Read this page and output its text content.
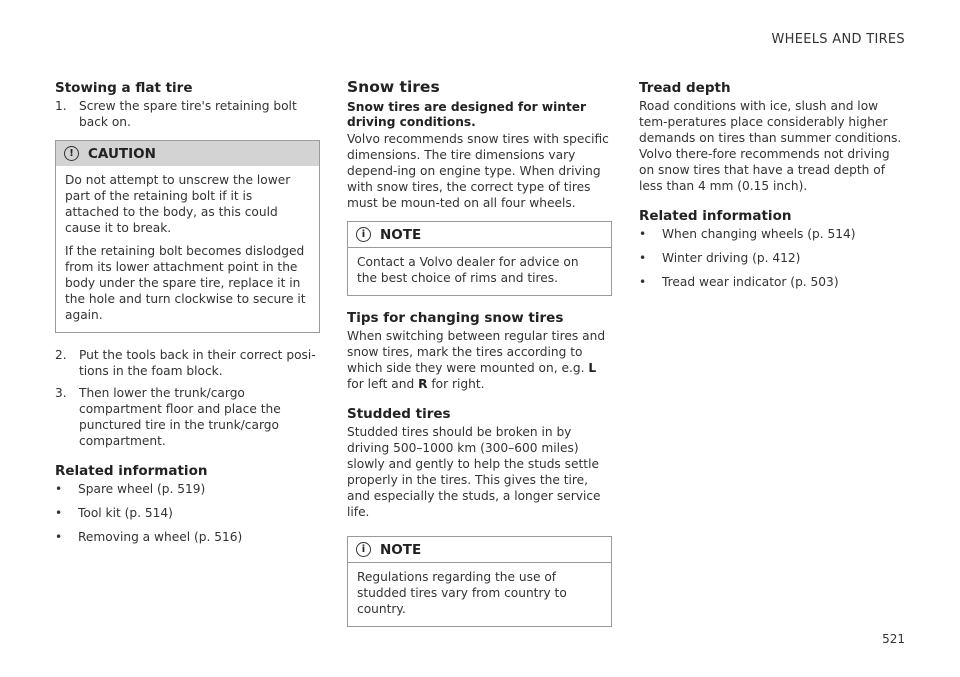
WHEELS AND TIRES
Stowing a flat tire
1.	Screw the spare tire's retaining bolt back on.
!	CAUTION

Do not attempt to unscrew the lower part of the retaining bolt if it is attached to the body, as this could cause it to break.

If the retaining bolt becomes dislodged from its lower attachment point in the body under the spare tire, replace it in the hole and turn clockwise to secure it again.

2.	Put the tools back in their correct posi-tions in the foam block.
3.	Then lower the trunk/cargo compartment floor and place the punctured tire in the trunk/cargo compartment.
Related information
•	Spare wheel (p. 519)
•	Tool kit (p. 514)
•	Removing a wheel (p. 516)
Snow tires
Snow tires are designed for winter driving conditions.

Volvo recommends snow tires with specific dimensions. The tire dimensions vary depend-ing on engine type. When driving with snow tires, the correct type of tires must be moun-ted on all four wheels.

i	NOTE

Contact a Volvo dealer for advice on the best choice of rims and tires.

Tips for changing snow tires

When switching between regular tires and snow tires, mark the tires according to which side they were mounted on, e.g. L for left and R for right.

Studded tires

Studded tires should be broken in by driving 500–1000 km (300–600 miles) slowly and gently to help the studs settle properly in the tires. This gives the tire, and especially the studs, a longer service life.

i	NOTE

Regulations regarding the use of studded tires vary from country to country.

Tread depth

Road conditions with ice, slush and low tem-peratures place considerably higher demands on tires than summer conditions. Volvo there-fore recommends not driving on snow tires that have a tread depth of less than 4 mm (0.15 inch).

Related information
•	When changing wheels (p. 514)
•	Winter driving (p. 412)
•	Tread wear indicator (p. 503)
521
